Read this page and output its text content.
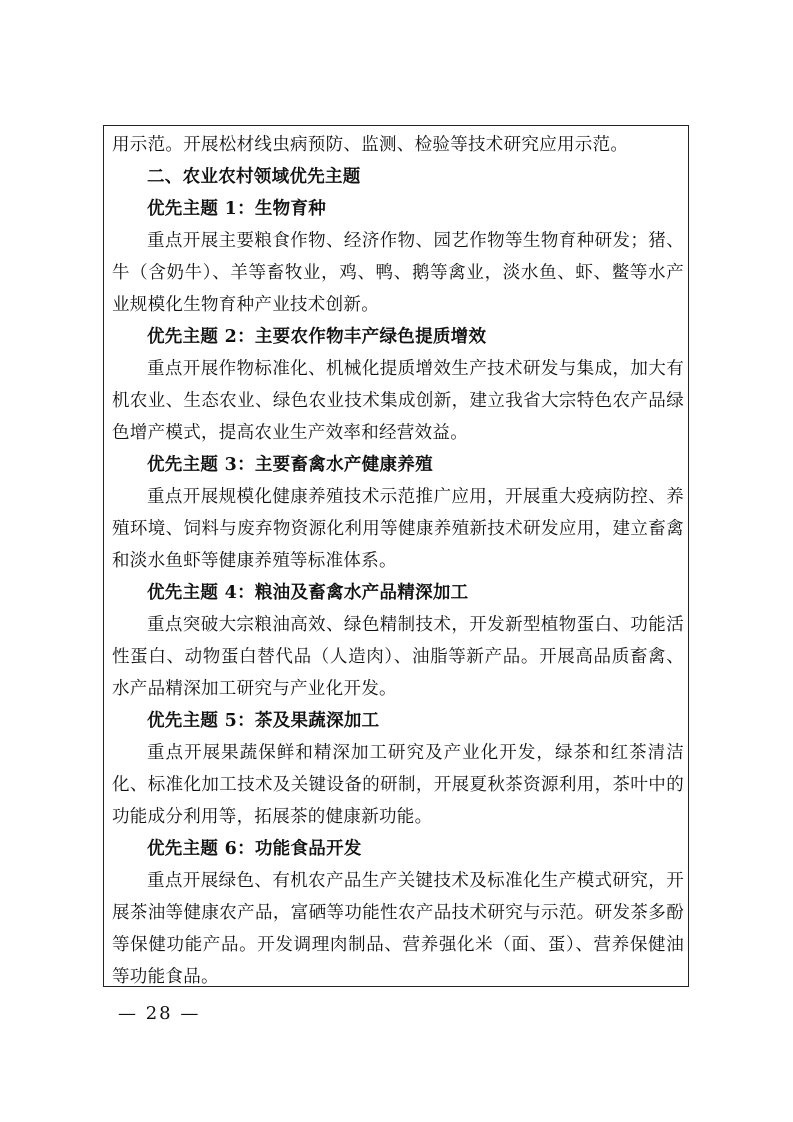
用示范。开展松材线虫病预防、监测、检验等技术研究应用示范。

二、农业农村领域优先主题

优先主题 1：生物育种

重点开展主要粮食作物、经济作物、园艺作物等生物育种研发；猪、牛（含奶牛）、羊等畜牧业，鸡、鸭、鹅等禽业，淡水鱼、虾、鳖等水产业规模化生物育种产业技术创新。

优先主题 2：主要农作物丰产绿色提质增效

重点开展作物标准化、机械化提质增效生产技术研发与集成，加大有机农业、生态农业、绿色农业技术集成创新，建立我省大宗特色农产品绿色增产模式，提高农业生产效率和经营效益。

优先主题 3：主要畜禽水产健康养殖

重点开展规模化健康养殖技术示范推广应用，开展重大疫病防控、养殖环境、饲料与废弃物资源化利用等健康养殖新技术研发应用，建立畜禽和淡水鱼虾等健康养殖等标准体系。

优先主题 4：粮油及畜禽水产品精深加工

重点突破大宗粮油高效、绿色精制技术，开发新型植物蛋白、功能活性蛋白、动物蛋白替代品（人造肉）、油脂等新产品。开展高品质畜禽、水产品精深加工研究与产业化开发。

优先主题 5：茶及果蔬深加工

重点开展果蔬保鲜和精深加工研究及产业化开发，绿茶和红茶清洁化、标准化加工技术及关键设备的研制，开展夏秋茶资源利用，茶叶中的功能成分利用等，拓展茶的健康新功能。

优先主题 6：功能食品开发

重点开展绿色、有机农产品生产关键技术及标准化生产模式研究，开展茶油等健康农产品，富硒等功能性农产品技术研究与示范。研发茶多酚等保健功能产品。开发调理肉制品、营养强化米（面、蛋）、营养保健油等功能食品。

— 28 —
